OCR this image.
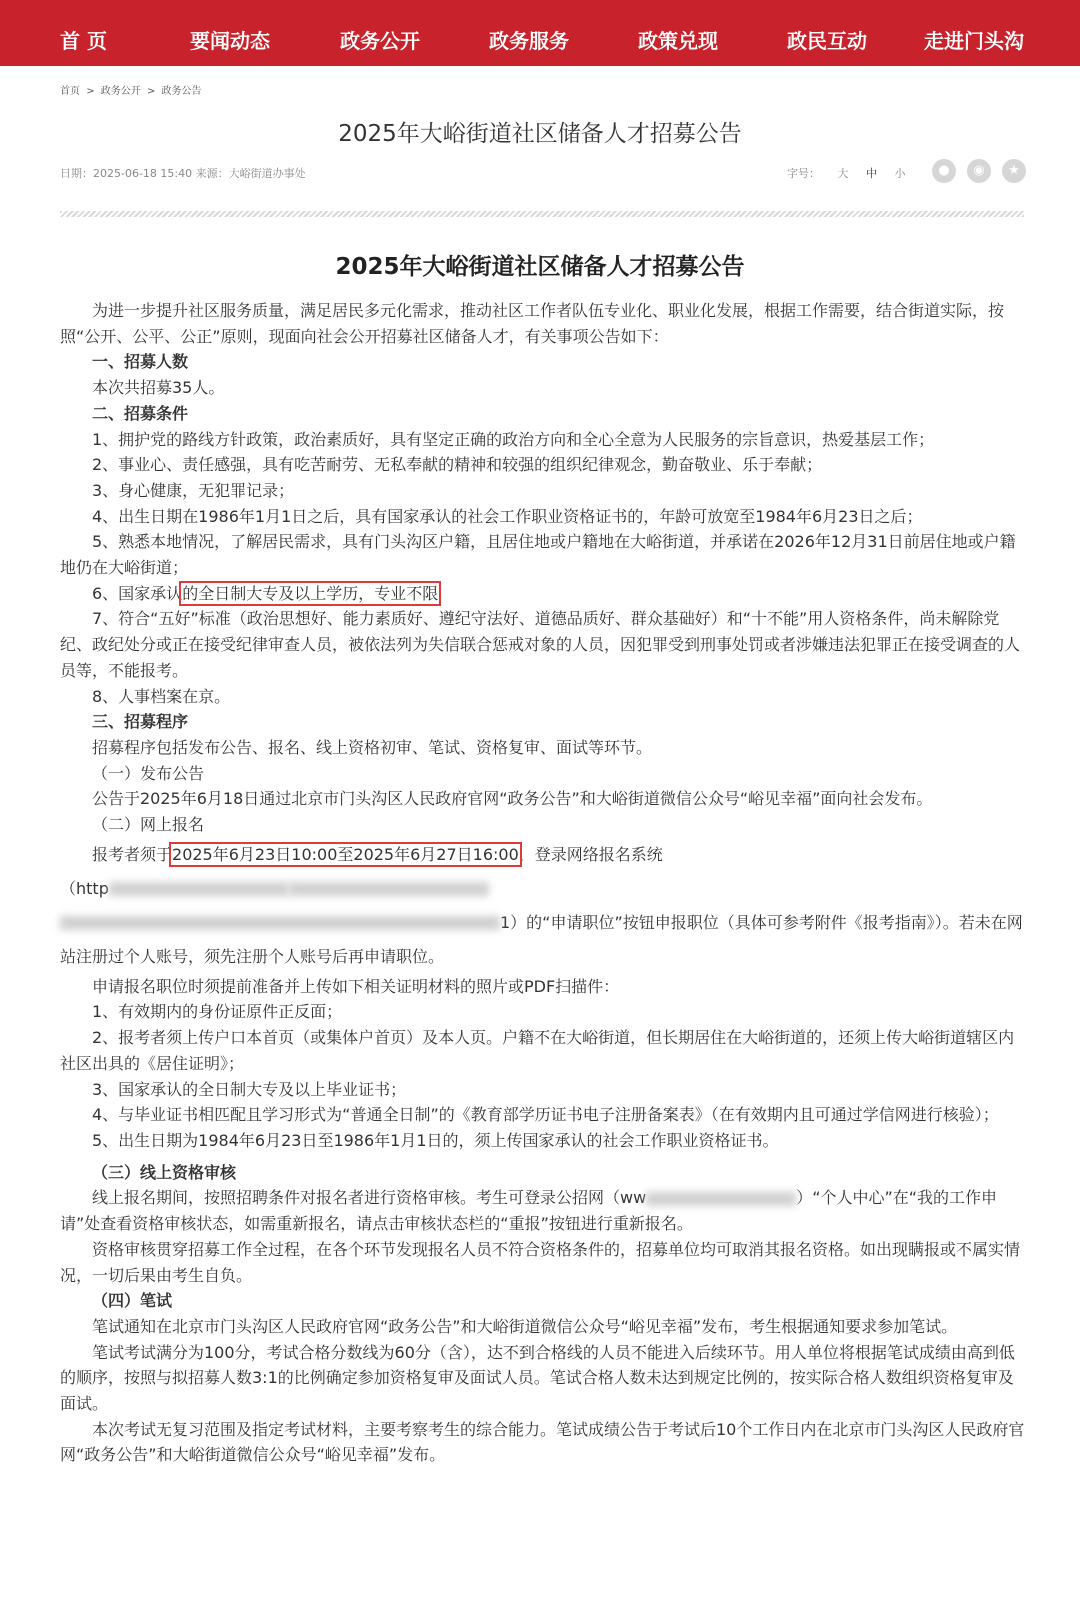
首 页	要闻动态	政务公开	政务服务	政策兑现	政民互动	走进门头沟
首页 > 政务公开 > 政务公告
2025年大峪街道社区储备人才招募公告
日期：2025-06-18 15:40 来源：大峪街道办事处	字号： 大 中 小	●	◉	★
2025年大峪街道社区储备人才招募公告

为进一步提升社区服务质量，满足居民多元化需求，推动社区工作者队伍专业化、职业化发展，根据工作需要，结合街道实际，按照“公开、公平、公正”原则，现面向社会公开招募社区储备人才，有关事项公告如下：

一、招募人数

本次共招募35人。

二、招募条件

1、拥护党的路线方针政策，政治素质好，具有坚定正确的政治方向和全心全意为人民服务的宗旨意识，热爱基层工作；

2、事业心、责任感强，具有吃苦耐劳、无私奉献的精神和较强的组织纪律观念，勤奋敬业、乐于奉献；

3、身心健康，无犯罪记录；

4、出生日期在1986年1月1日之后，具有国家承认的社会工作职业资格证书的，年龄可放宽至1984年6月23日之后；

5、熟悉本地情况，了解居民需求，具有门头沟区户籍，且居住地或户籍地在大峪街道，并承诺在2026年12月31日前居住地或户籍地仍在大峪街道；

6、国家承认的全日制大专及以上学历，专业不限

7、符合“五好”标准（政治思想好、能力素质好、遵纪守法好、道德品质好、群众基础好）和“十不能”用人资格条件，尚未解除党纪、政纪处分或正在接受纪律审查人员，被依法列为失信联合惩戒对象的人员，因犯罪受到刑事处罚或者涉嫌违法犯罪正在接受调查的人员等，不能报考。

8、人事档案在京。

三、招募程序

招募程序包括发布公告、报名、线上资格初审、笔试、资格复审、面试等环节。

（一）发布公告

公告于2025年6月18日通过北京市门头沟区人民政府官网“政务公告”和大峪街道微信公众号“峪见幸福”面向社会发布。

（二）网上报名

报考者须于2025年6月23日10:00至2025年6月27日16:00，登录网络报名系统

（http

1）的“申请职位”按钮申报职位（具体可参考附件《报考指南》）。若未在网站注册过个人账号，须先注册个人账号后再申请职位。

申请报名职位时须提前准备并上传如下相关证明材料的照片或PDF扫描件：

1、有效期内的身份证原件正反面；

2、报考者须上传户口本首页（或集体户首页）及本人页。户籍不在大峪街道，但长期居住在大峪街道的，还须上传大峪街道辖区内社区出具的《居住证明》；

3、国家承认的全日制大专及以上毕业证书；

4、与毕业证书相匹配且学习形式为“普通全日制”的《教育部学历证书电子注册备案表》（在有效期内且可通过学信网进行核验）；

5、出生日期为1984年6月23日至1986年1月1日的，须上传国家承认的社会工作职业资格证书。

（三）线上资格审核

线上报名期间，按照招聘条件对报名者进行资格审核。考生可登录公招网（ww	）“个人中心”在“我的工作申请”处查看资格审核状态，如需重新报名，请点击审核状态栏的“重报”按钮进行重新报名。

资格审核贯穿招募工作全过程，在各个环节发现报名人员不符合资格条件的，招募单位均可取消其报名资格。如出现瞒报或不属实情况，一切后果由考生自负。

（四）笔试

笔试通知在北京市门头沟区人民政府官网“政务公告”和大峪街道微信公众号“峪见幸福”发布，考生根据通知要求参加笔试。

笔试考试满分为100分，考试合格分数线为60分（含），达不到合格线的人员不能进入后续环节。用人单位将根据笔试成绩由高到低的顺序，按照与拟招募人数3:1的比例确定参加资格复审及面试人员。笔试合格人数未达到规定比例的，按实际合格人数组织资格复审及面试。

本次考试无复习范围及指定考试材料，主要考察考生的综合能力。笔试成绩公告于考试后10个工作日内在北京市门头沟区人民政府官网“政务公告”和大峪街道微信公众号“峪见幸福”发布。
